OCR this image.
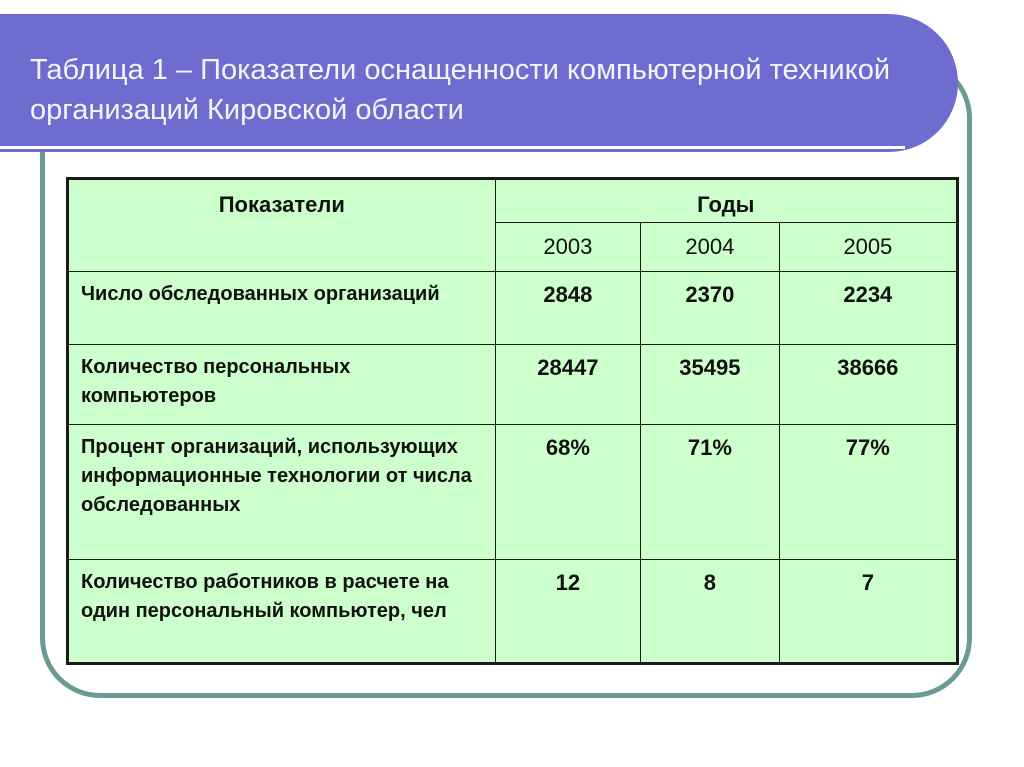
Таблица 1 – Показатели оснащенности компьютерной техникой организаций Кировской области
Показатели	Годы		
	2003	2004	2005
Число обследованных организаций	2848	2370	2234
Количество персональных компьютеров	28447	35495	38666
Процент организаций, использующих информационные технологии от числа обследованных	68%	71%	77%
Количество работников в расчете на один персональный компьютер, чел	12	8	7
